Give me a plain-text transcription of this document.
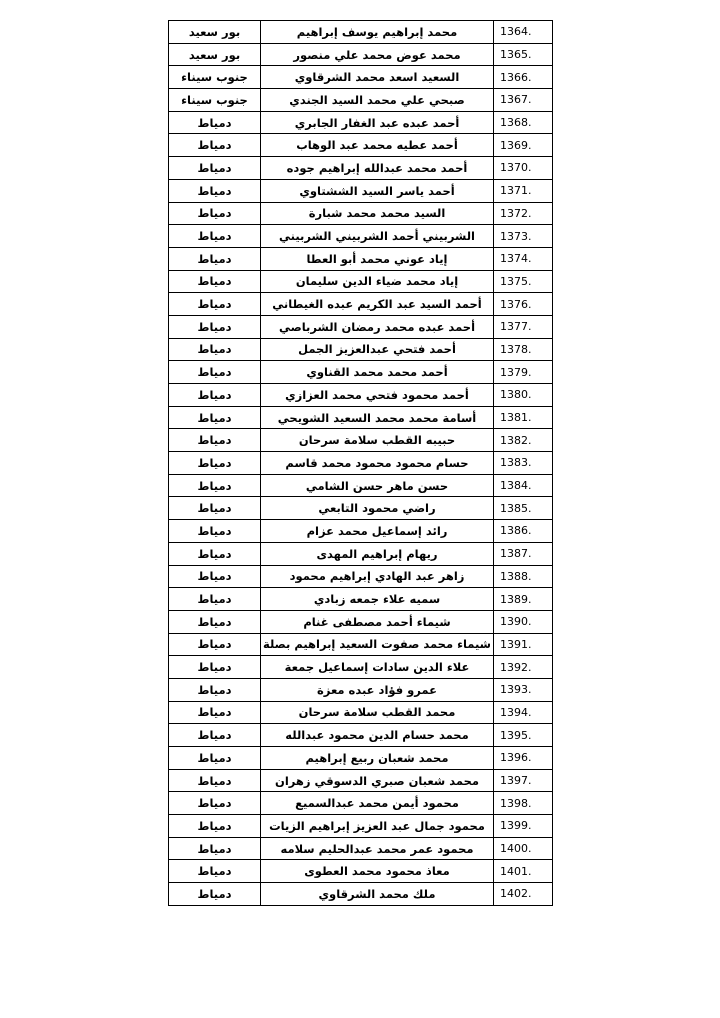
بور سعيد	محمد إبراهيم يوسف إبراهيم	1364.
بور سعيد	محمد عوض محمد علي منصور	1365.
جنوب سيناء	السعيد اسعد محمد الشرقاوي	1366.
جنوب سيناء	صبحي علي محمد السيد الجندي	1367.
دمياط	أحمد عبده عبد الغفار الجابري	1368.
دمياط	أحمد عطيه محمد عبد الوهاب	1369.
دمياط	أحمد محمد عبدالله إبراهيم جوده	1370.
دمياط	أحمد ياسر السيد الششتاوي	1371.
دمياط	السيد محمد محمد شبارة	1372.
دمياط	الشربيني أحمد الشربيني الشربيني	1373.
دمياط	إياد عوني محمد أبو العطا	1374.
دمياط	إياد محمد ضياء الدين سليمان	1375.
دمياط	أحمد السيد عبد الكريم عبده الغيطاني	1376.
دمياط	أحمد عبده محمد رمضان الشرباصي	1377.
دمياط	أحمد فتحي عبدالعزيز الجمل	1378.
دمياط	أحمد محمد محمد القناوي	1379.
دمياط	أحمد محمود فتحي محمد العزازي	1380.
دمياط	أسامة محمد محمد السعيد الشويحي	1381.
دمياط	حبيبه القطب سلامة سرحان	1382.
دمياط	حسام محمود محمود محمد قاسم	1383.
دمياط	حسن ماهر حسن الشامي	1384.
دمياط	راضي محمود التابعي	1385.
دمياط	رائد إسماعيل محمد عزام	1386.
دمياط	ريهام إبراهيم المهدى	1387.
دمياط	زاهر عبد الهادي إبراهيم محمود	1388.
دمياط	سميه علاء جمعه زبادي	1389.
دمياط	شيماء أحمد مصطفى غنام	1390.
دمياط	شيماء محمد صفوت السعيد إبراهيم بصلة	1391.
دمياط	علاء الدين سادات إسماعيل جمعة	1392.
دمياط	عمرو فؤاد عبده معزة	1393.
دمياط	محمد القطب سلامة سرحان	1394.
دمياط	محمد حسام الدين محمود عبدالله	1395.
دمياط	محمد شعبان ربيع إبراهيم	1396.
دمياط	محمد شعبان صبري الدسوقي زهران	1397.
دمياط	محمود أيمن محمد عبدالسميع	1398.
دمياط	محمود جمال عبد العزيز إبراهيم الزيات	1399.
دمياط	محمود عمر محمد عبدالحليم سلامه	1400.
دمياط	معاذ محمود محمد العطوى	1401.
دمياط	ملك محمد الشرقاوي	1402.
